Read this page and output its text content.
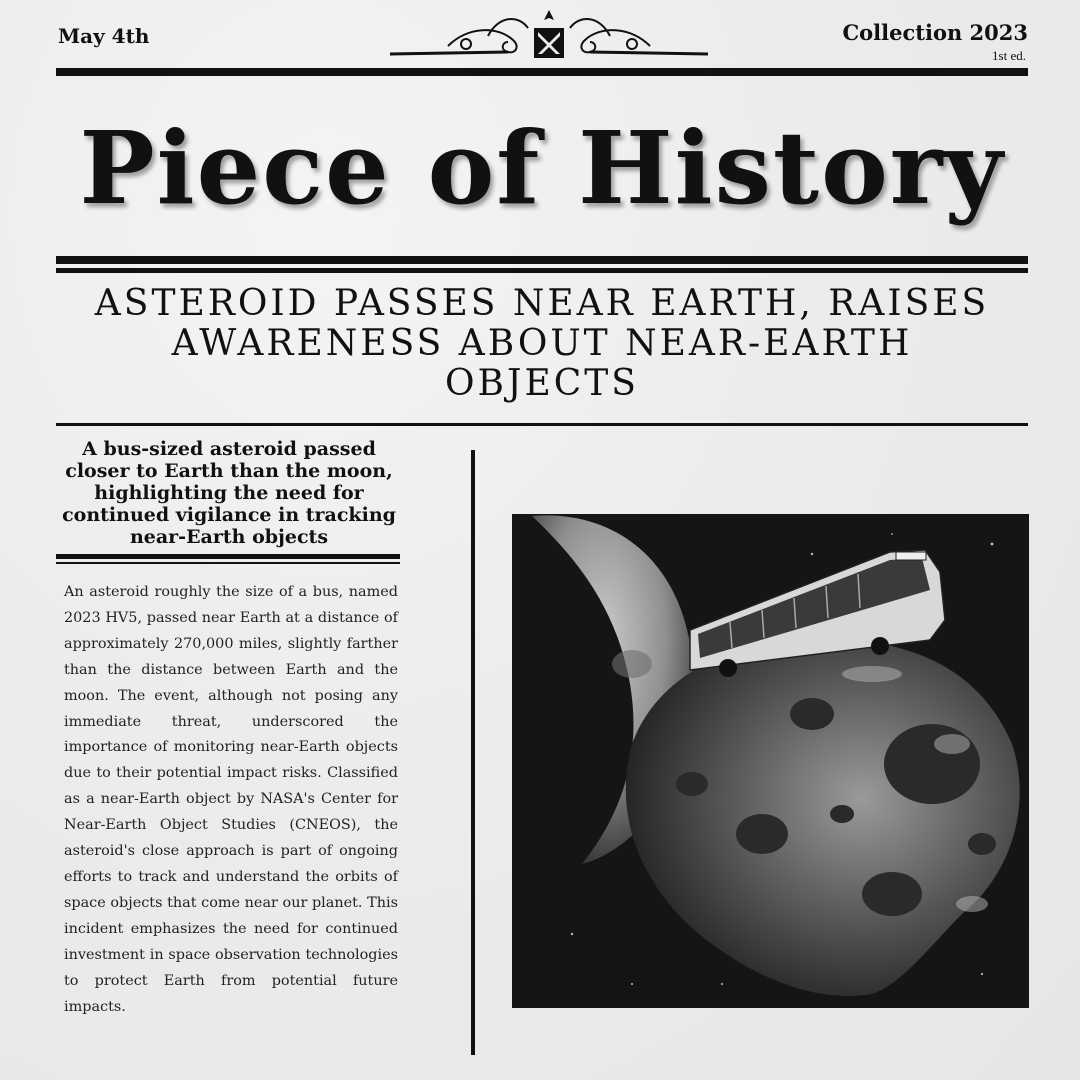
May 4th	Collection 2023
1st ed.
Piece of History
ASTEROID PASSES NEAR EARTH, RAISES AWARENESS ABOUT NEAR-EARTH OBJECTS
A bus-sized asteroid passed closer to Earth than the moon, highlighting the need for continued vigilance in tracking near-Earth objects
An asteroid roughly the size of a bus, named 2023 HV5, passed near Earth at a distance of approximately 270,000 miles, slightly farther than the distance between Earth and the moon. The event, although not posing any immediate threat, underscored the importance of monitoring near-Earth objects due to their potential impact risks. Classified as a near-Earth object by NASA's Center for Near-Earth Object Studies (CNEOS), the asteroid's close approach is part of ongoing efforts to track and understand the orbits of space objects that come near our planet. This incident emphasizes the need for continued investment in space observation technologies to protect Earth from potential future impacts.
